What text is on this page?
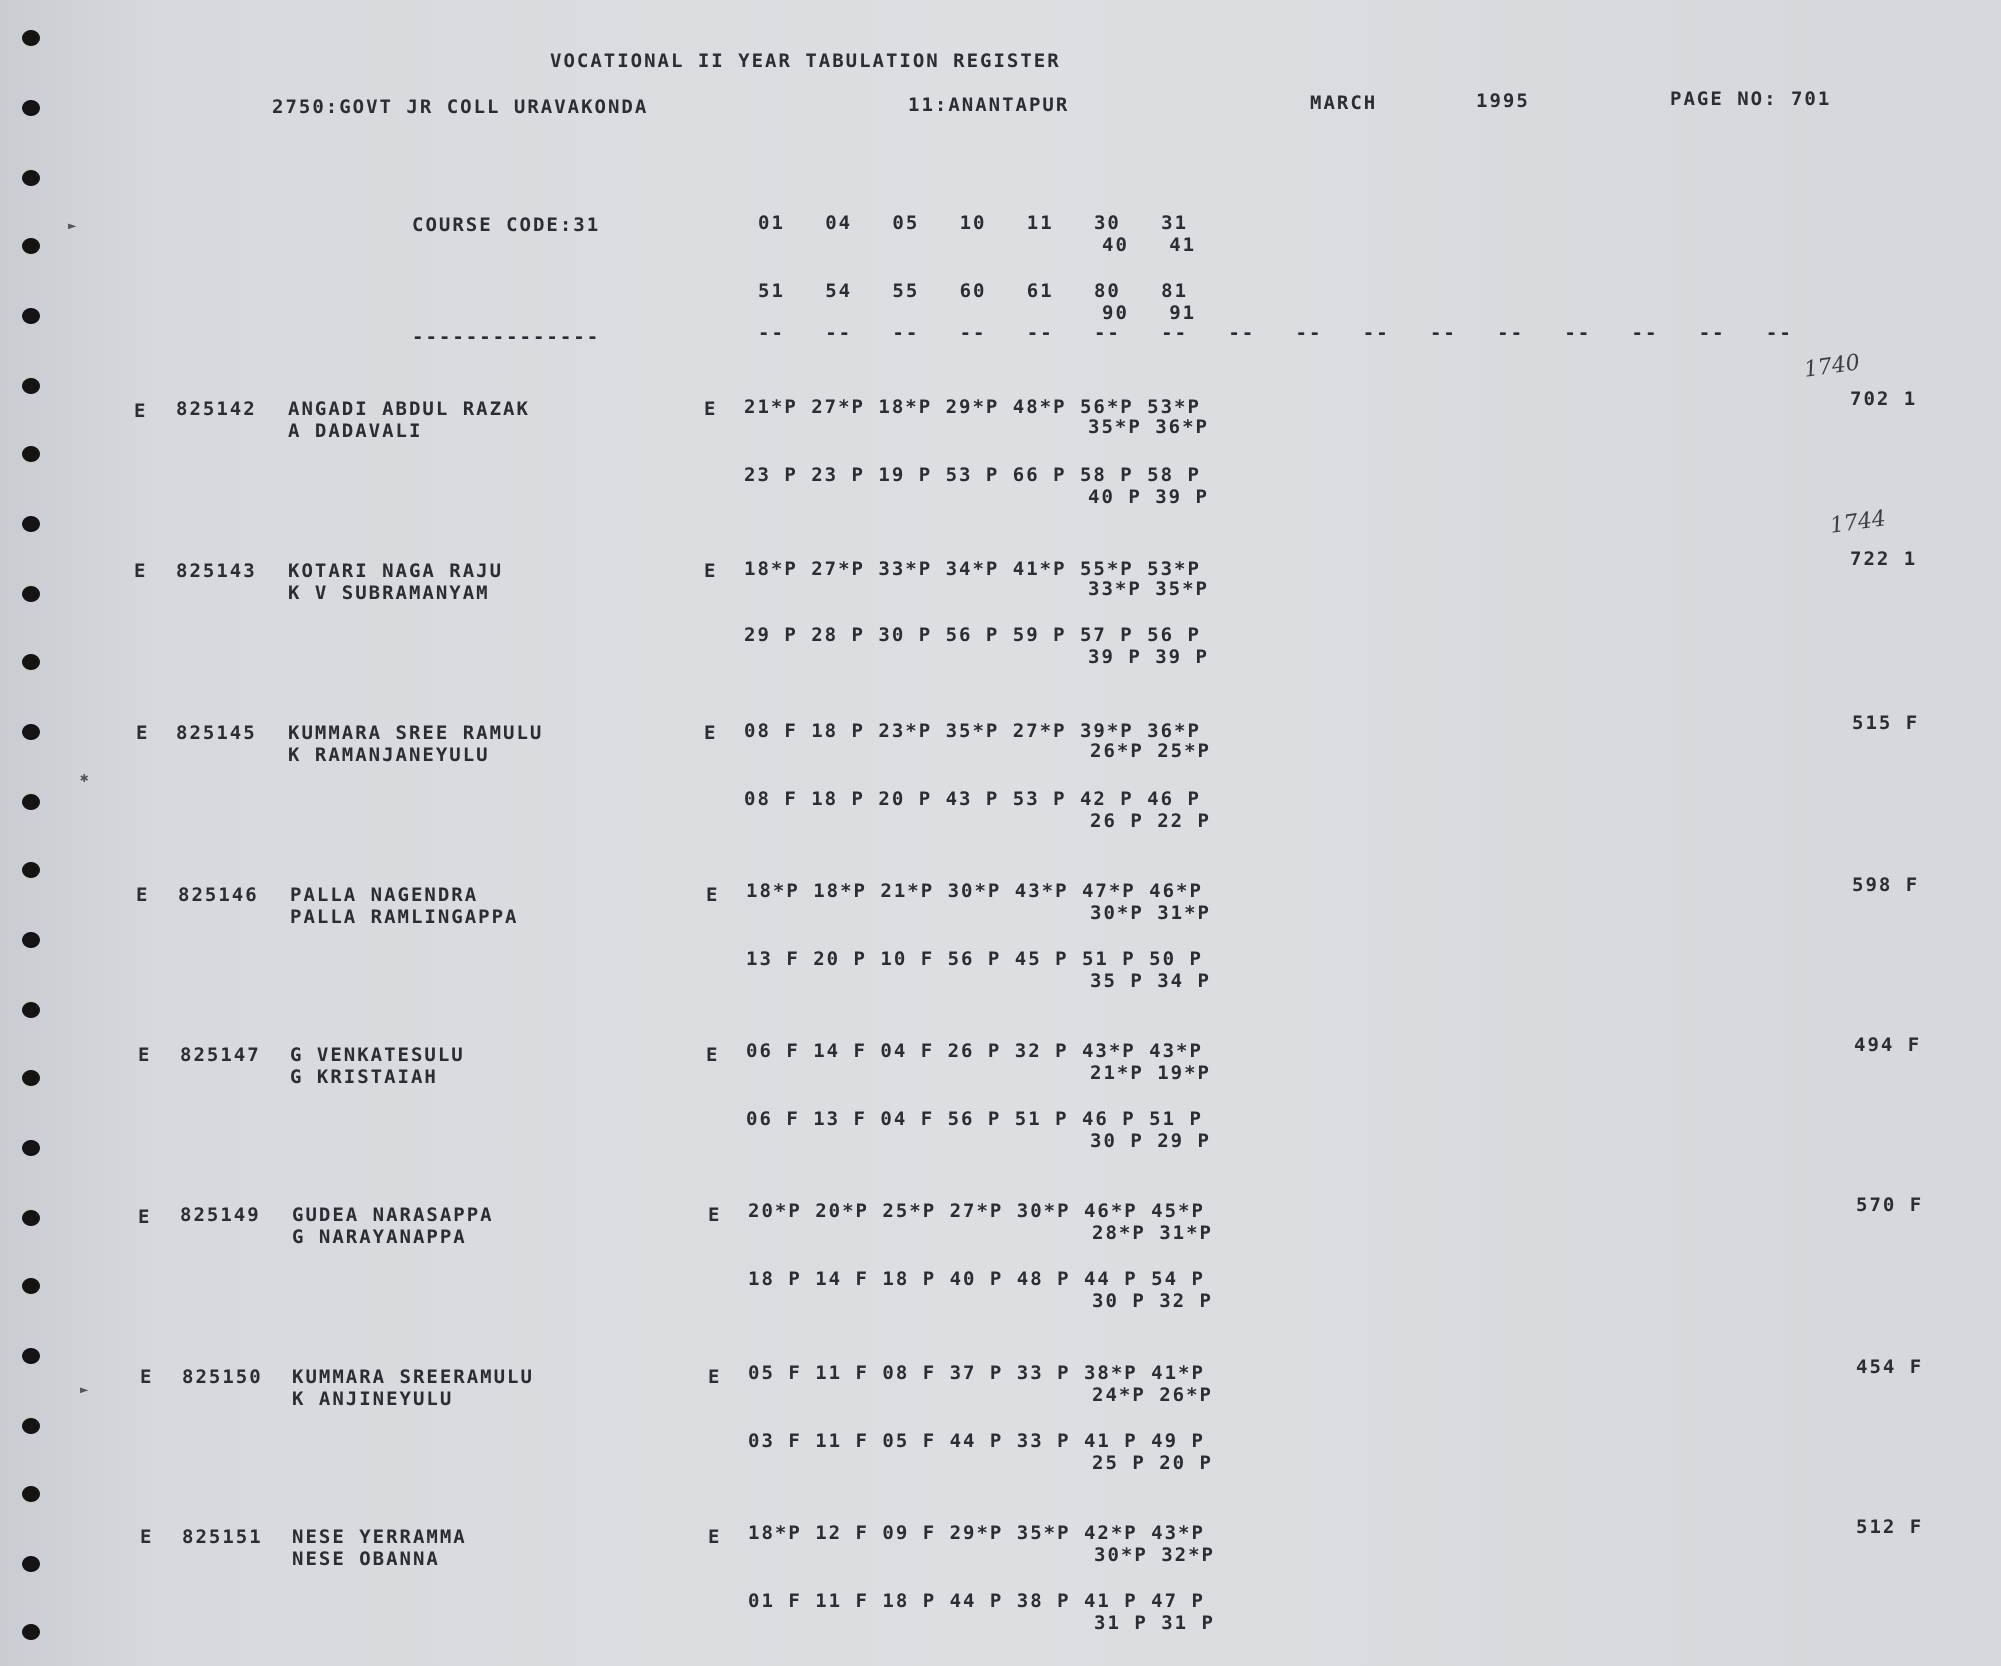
►
✱
►
VOCATIONAL II YEAR TABULATION REGISTER
2750:GOVT JR COLL URAVAKONDA	11:ANANTAPUR	MARCH	1995	PAGE NO: 701
COURSE CODE:31
--------------
01   04   05   10   11   30   31
40   41
51   54   55   60   61   80   81
90   91
--   --   --   --   --   --   --   --   --   --   --   --   --   --   --   --
E 825142 ANGADI ABDUL RAZAK
A DADAVALI
E 21*P 27*P 18*P 29*P 48*P 56*P 53*P
35*P 36*P
23 P 23 P 19 P 53 P 66 P 58 P 58 P
40 P 39 P
702 1
1740
E 825143 KOTARI NAGA RAJU
K V SUBRAMANYAM
E 18*P 27*P 33*P 34*P 41*P 55*P 53*P
33*P 35*P
29 P 28 P 30 P 56 P 59 P 57 P 56 P
39 P 39 P
722 1
1744
E 825145 KUMMARA SREE RAMULU
K RAMANJANEYULU
E 08 F 18 P 23*P 35*P 27*P 39*P 36*P
26*P 25*P
08 F 18 P 20 P 43 P 53 P 42 P 46 P
26 P 22 P
515 F
E 825146 PALLA NAGENDRA
PALLA RAMLINGAPPA
E 18*P 18*P 21*P 30*P 43*P 47*P 46*P
30*P 31*P
13 F 20 P 10 F 56 P 45 P 51 P 50 P
35 P 34 P
598 F
E 825147 G VENKATESULU
G KRISTAIAH
E 06 F 14 F 04 F 26 P 32 P 43*P 43*P
21*P 19*P
06 F 13 F 04 F 56 P 51 P 46 P 51 P
30 P 29 P
494 F
E 825149 GUDEA NARASAPPA
G NARAYANAPPA
E 20*P 20*P 25*P 27*P 30*P 46*P 45*P
28*P 31*P
18 P 14 F 18 P 40 P 48 P 44 P 54 P
30 P 32 P
570 F
E 825150 KUMMARA SREERAMULU
K ANJINEYULU
E 05 F 11 F 08 F 37 P 33 P 38*P 41*P
24*P 26*P
03 F 11 F 05 F 44 P 33 P 41 P 49 P
25 P 20 P
454 F
E 825151 NESE YERRAMMA
NESE OBANNA
E 18*P 12 F 09 F 29*P 35*P 42*P 43*P
30*P 32*P
01 F 11 F 18 P 44 P 38 P 41 P 47 P
31 P 31 P
512 F
